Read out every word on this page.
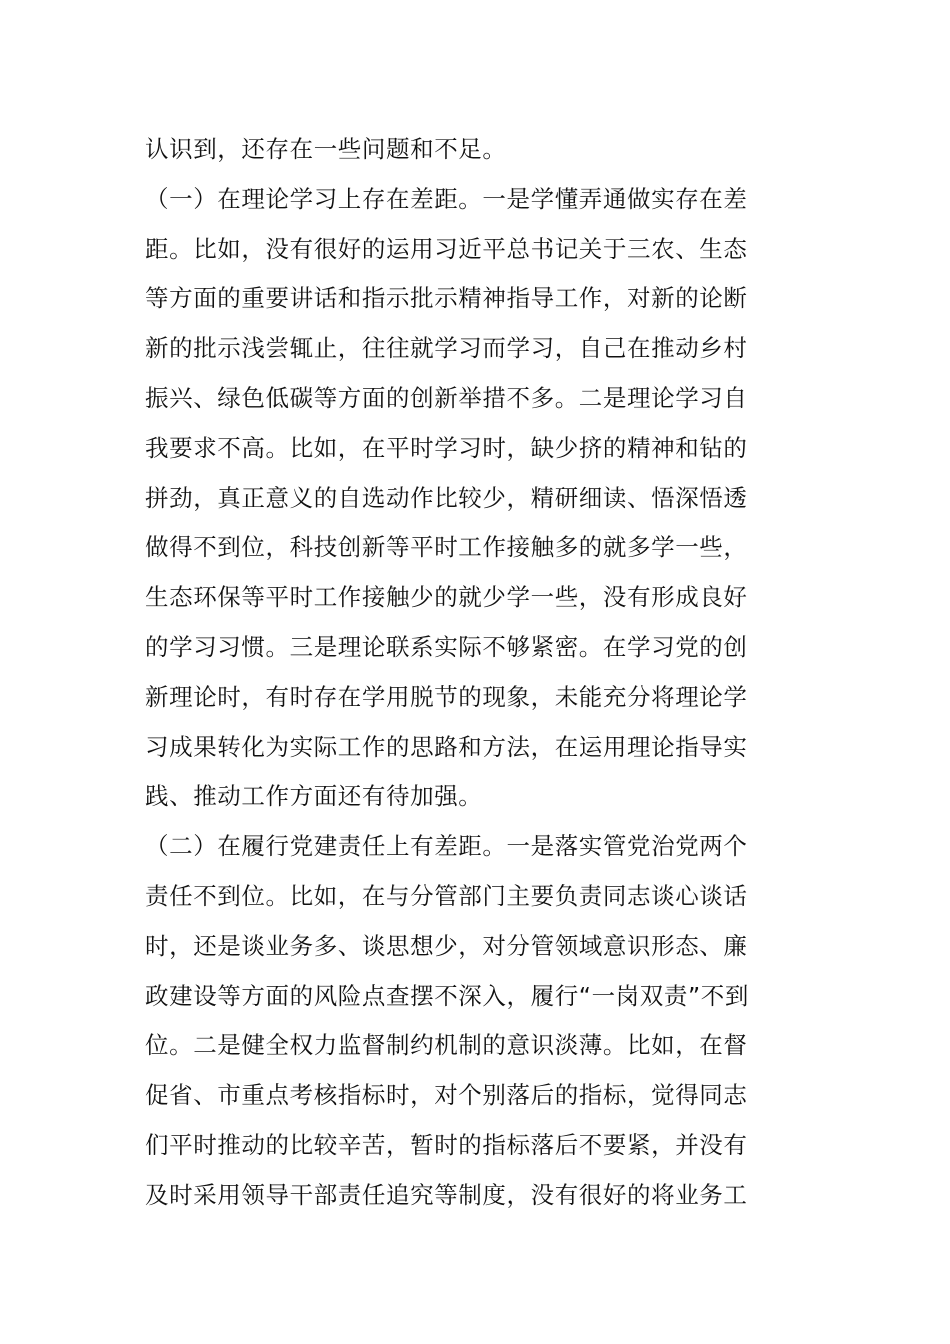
认识到，还存在一些问题和不足。
（一）在理论学习上存在差距。一是学懂弄通做实存在差
距。比如，没有很好的运用习近平总书记关于三农、生态
等方面的重要讲话和指示批示精神指导工作，对新的论断
新的批示浅尝辄止，往往就学习而学习，自己在推动乡村
振兴、绿色低碳等方面的创新举措不多。二是理论学习自
我要求不高。比如，在平时学习时，缺少挤的精神和钻的
拼劲，真正意义的自选动作比较少，精研细读、悟深悟透
做得不到位，科技创新等平时工作接触多的就多学一些，
生态环保等平时工作接触少的就少学一些，没有形成良好
的学习习惯。三是理论联系实际不够紧密。在学习党的创
新理论时，有时存在学用脱节的现象，未能充分将理论学
习成果转化为实际工作的思路和方法，在运用理论指导实
践、推动工作方面还有待加强。
（二）在履行党建责任上有差距。一是落实管党治党两个
责任不到位。比如，在与分管部门主要负责同志谈心谈话
时，还是谈业务多、谈思想少，对分管领域意识形态、廉
政建设等方面的风险点查摆不深入，履行“一岗双责”不到
位。二是健全权力监督制约机制的意识淡薄。比如，在督
促省、市重点考核指标时，对个别落后的指标，觉得同志
们平时推动的比较辛苦，暂时的指标落后不要紧，并没有
及时采用领导干部责任追究等制度，没有很好的将业务工
